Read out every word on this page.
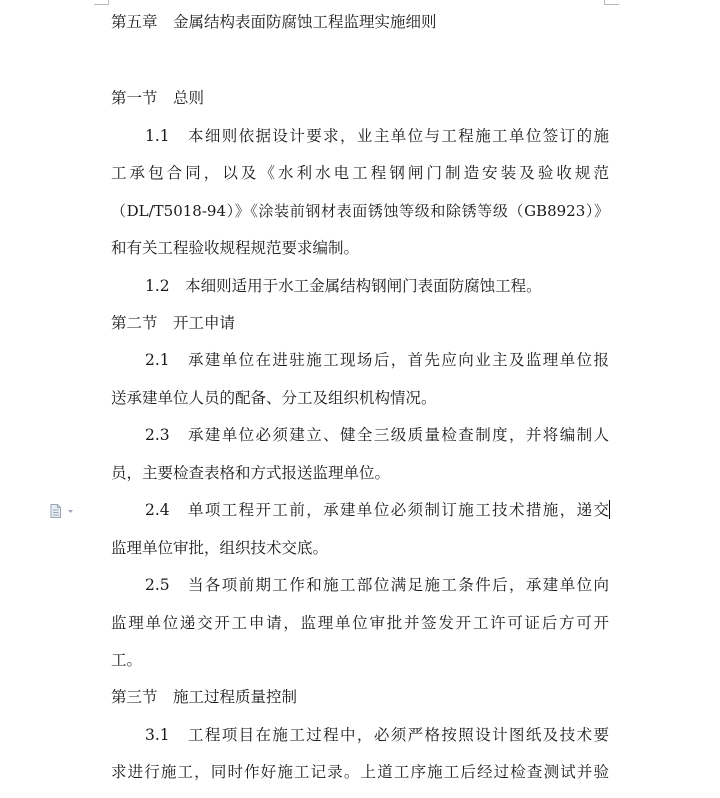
第五章　金属结构表面防腐蚀工程监理实施细则
第一节　总则
1.1　本细则依据设计要求，业主单位与工程施工单位签订的施
工承包合同，以及《水利水电工程钢闸门制造安装及验收规范
（DL/T5018-94）》《涂装前钢材表面锈蚀等级和除锈等级（GB8923）》
和有关工程验收规程规范要求编制。
1.2　本细则适用于水工金属结构钢闸门表面防腐蚀工程。
第二节　开工申请
2.1　承建单位在进驻施工现场后，首先应向业主及监理单位报
送承建单位人员的配备、分工及组织机构情况。
2.3　承建单位必须建立、健全三级质量检查制度，并将编制人
员，主要检查表格和方式报送监理单位。
2.4　单项工程开工前，承建单位必须制订施工技术措施，递交
监理单位审批，组织技术交底。
2.5　当各项前期工作和施工部位满足施工条件后，承建单位向
监理单位递交开工申请，监理单位审批并签发开工许可证后方可开
工。
第三节　施工过程质量控制
3.1　工程项目在施工过程中，必须严格按照设计图纸及技术要
求进行施工，同时作好施工记录。上道工序施工后经过检查测试并验
